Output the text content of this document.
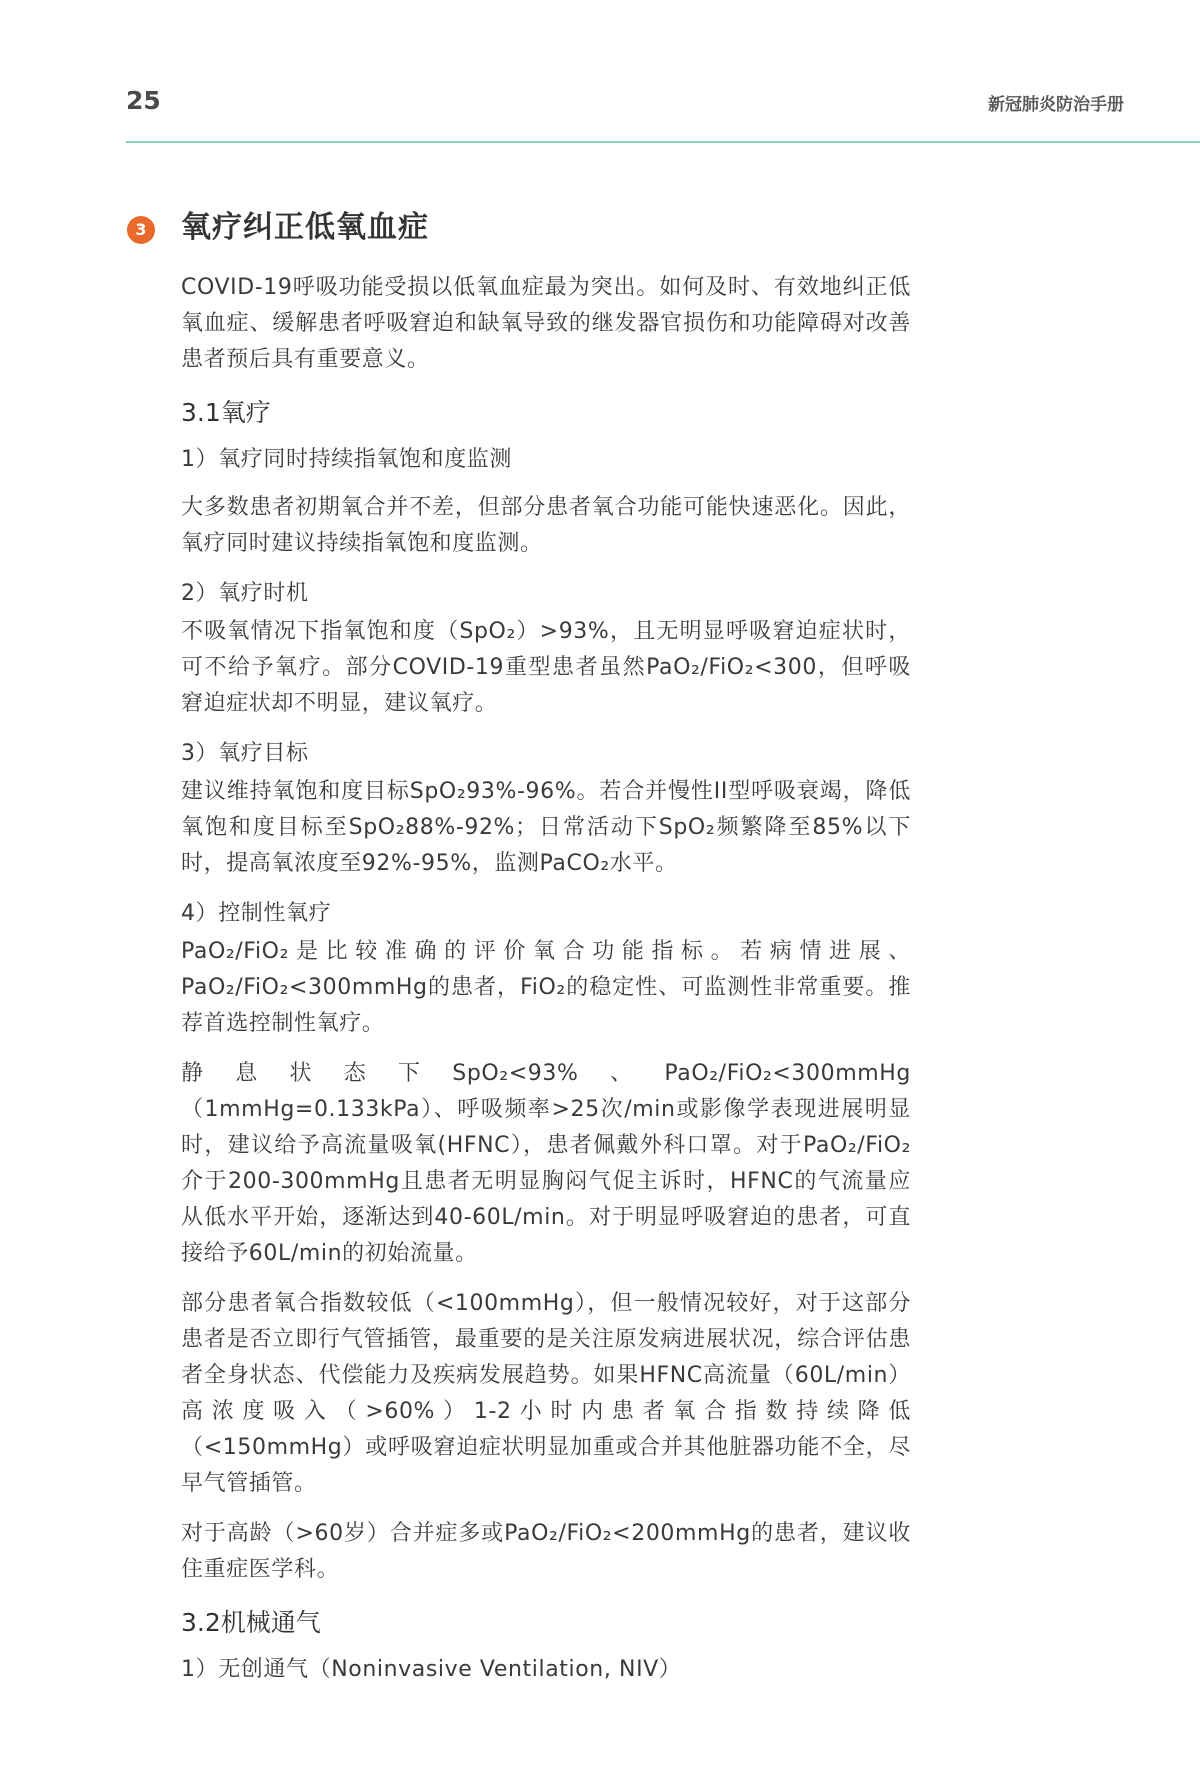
25	新冠肺炎防治手册
3 氧疗纠正低氧血症

COVID-19呼吸功能受损以低氧血症最为突出。如何及时、有效地纠正低氧血症、缓解患者呼吸窘迫和缺氧导致的继发器官损伤和功能障碍对改善患者预后具有重要意义。

3.1氧疗
1）氧疗同时持续指氧饱和度监测

大多数患者初期氧合并不差，但部分患者氧合功能可能快速恶化。因此，氧疗同时建议持续指氧饱和度监测。

2）氧疗时机

不吸氧情况下指氧饱和度（SpO₂）>93%，且无明显呼吸窘迫症状时，可不给予氧疗。部分COVID-19重型患者虽然PaO₂/FiO₂<300，但呼吸窘迫症状却不明显，建议氧疗。

3）氧疗目标

建议维持氧饱和度目标SpO₂93%-96%。若合并慢性II型呼吸衰竭，降低氧饱和度目标至SpO₂88%-92%；日常活动下SpO₂频繁降至85%以下时，提高氧浓度至92%-95%，监测PaCO₂水平。

4）控制性氧疗

PaO₂/FiO₂是比较准确的评价氧合功能指标。若病情进展、PaO₂/FiO₂<300mmHg的患者，FiO₂的稳定性、可监测性非常重要。推荐首选控制性氧疗。

静息状态下SpO₂<93%、PaO₂/FiO₂<300mmHg（1mmHg=0.133kPa）、呼吸频率>25次/min或影像学表现进展明显时，建议给予高流量吸氧(HFNC），患者佩戴外科口罩。对于PaO₂/FiO₂介于200-300mmHg且患者无明显胸闷气促主诉时，HFNC的气流量应从低水平开始，逐渐达到40-60L/min。对于明显呼吸窘迫的患者，可直接给予60L/min的初始流量。

部分患者氧合指数较低（<100mmHg），但一般情况较好，对于这部分患者是否立即行气管插管，最重要的是关注原发病进展状况，综合评估患者全身状态、代偿能力及疾病发展趋势。如果HFNC高流量（60L/min）高浓度吸入（>60%）1-2小时内患者氧合指数持续降低（<150mmHg）或呼吸窘迫症状明显加重或合并其他脏器功能不全，尽早气管插管。

对于高龄（>60岁）合并症多或PaO₂/FiO₂<200mmHg的患者，建议收住重症医学科。

3.2机械通气
1）无创通气（Noninvasive Ventilation, NIV）
